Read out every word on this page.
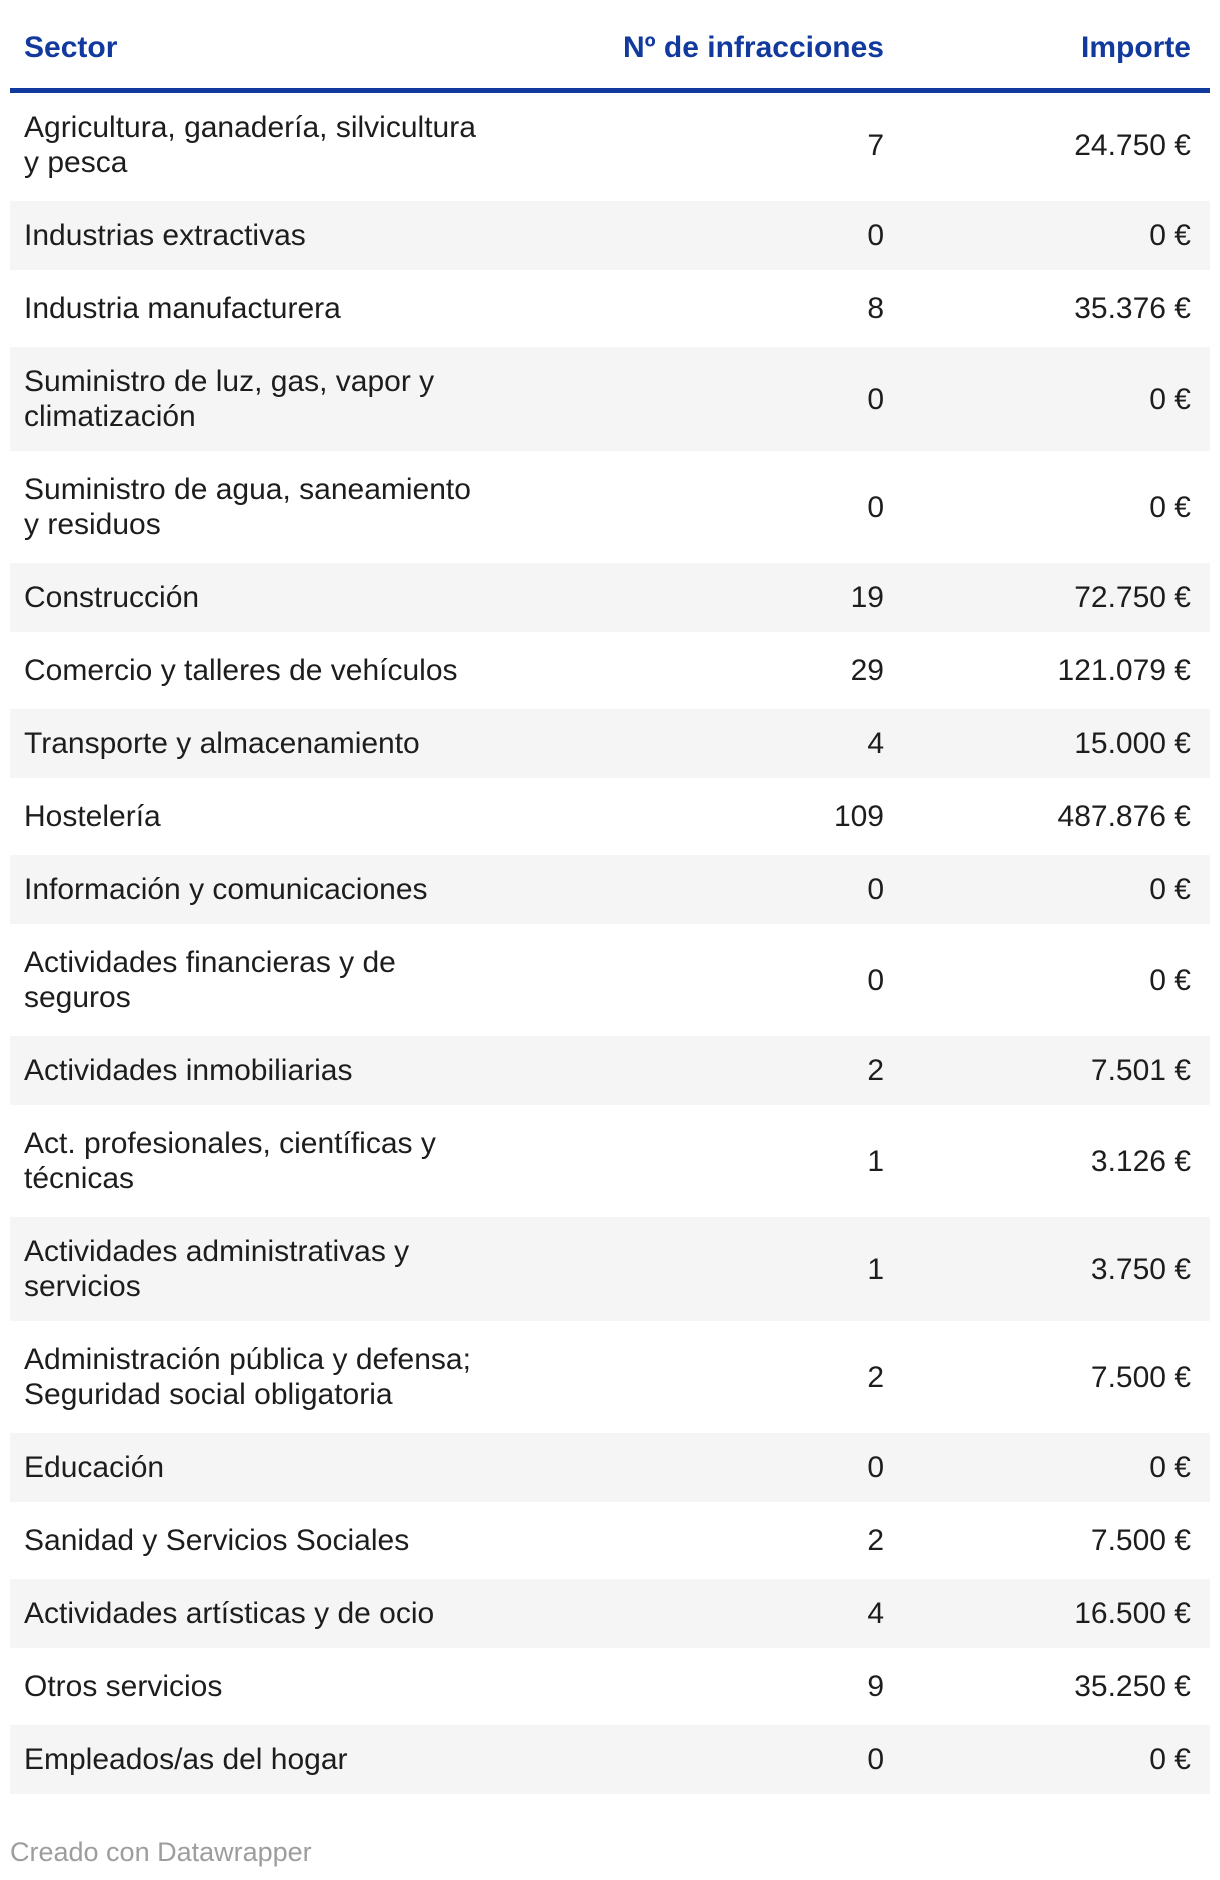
Sector	Nº de infracciones	Importe
Agricultura, ganadería, silvicultura
y pesca	7	24.750 €
Industrias extractivas	0	0 €
Industria manufacturera	8	35.376 €
Suministro de luz, gas, vapor y
climatización	0	0 €
Suministro de agua, saneamiento
y residuos	0	0 €
Construcción	19	72.750 €
Comercio y talleres de vehículos	29	121.079 €
Transporte y almacenamiento	4	15.000 €
Hostelería	109	487.876 €
Información y comunicaciones	0	0 €
Actividades financieras y de
seguros	0	0 €
Actividades inmobiliarias	2	7.501 €
Act. profesionales, científicas y
técnicas	1	3.126 €
Actividades administrativas y
servicios	1	3.750 €
Administración pública y defensa;
Seguridad social obligatoria	2	7.500 €
Educación	0	0 €
Sanidad y Servicios Sociales	2	7.500 €
Actividades artísticas y de ocio	4	16.500 €
Otros servicios	9	35.250 €
Empleados/as del hogar	0	0 €
Creado con Datawrapper
